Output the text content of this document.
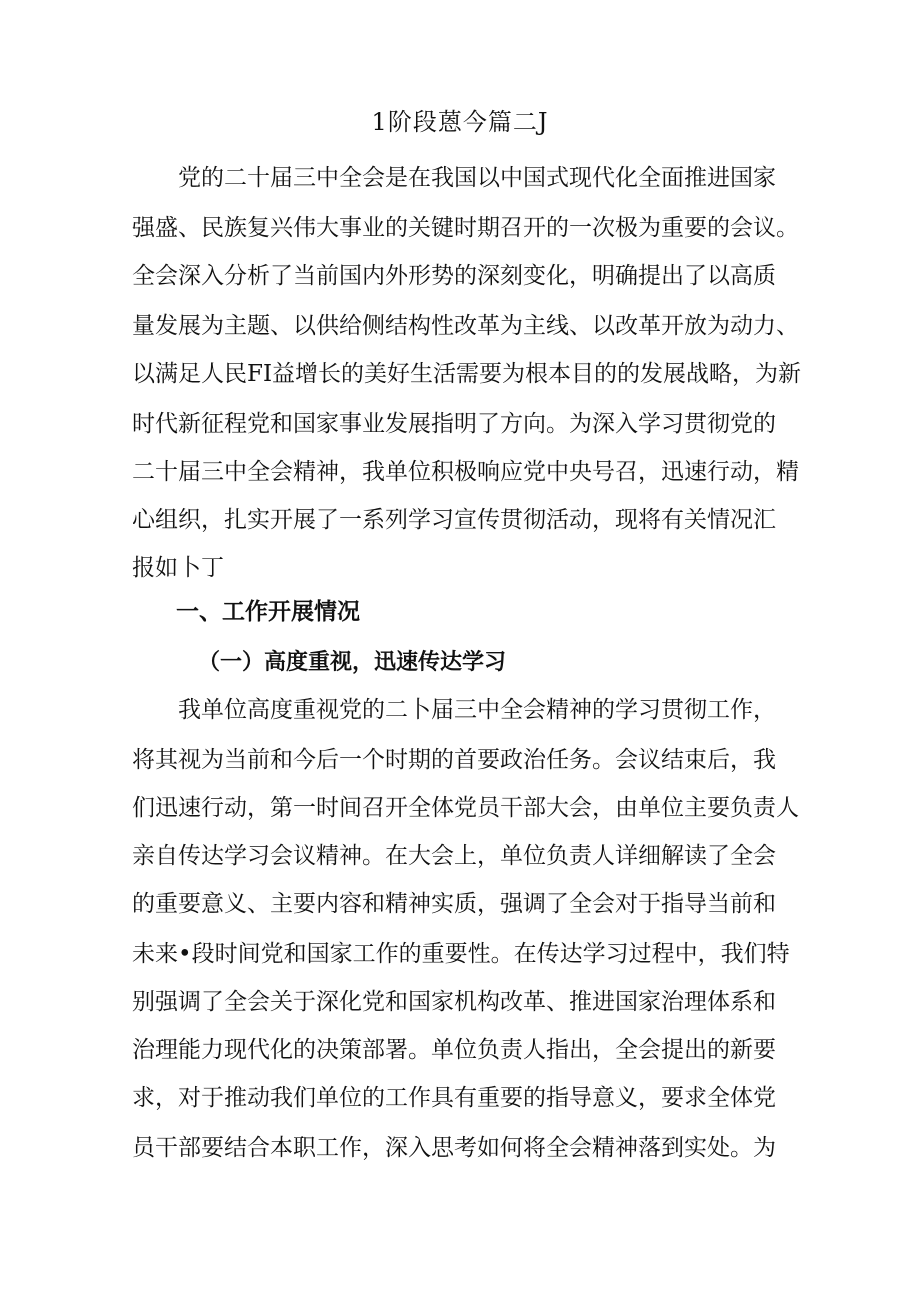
1阶段蒽今篇二J

党的二十届三中全会是在我国以中国式现代化全面推进国家

强盛、民族复兴伟大事业的关键时期召开的一次极为重要的会议。

全会深入分析了当前国内外形势的深刻变化，明确提出了以高质

量发展为主题、以供给侧结构性改革为主线、以改革开放为动力、

以满足人民FI益增长的美好生活需要为根本目的的发展战略，为新

时代新征程党和国家事业发展指明了方向。为深入学习贯彻党的

二十届三中全会精神，我单位积极响应党中央号召，迅速行动，精

心组织，扎实开展了一系列学习宣传贯彻活动，现将有关情况汇

报如卜丁

一、工作开展情况
（一）高度重视，迅速传达学习

我单位高度重视党的二卜届三中全会精神的学习贯彻工作，

将其视为当前和今后一个时期的首要政治任务。会议结束后，我

们迅速行动，第一时间召开全体党员干部大会，由单位主要负责人

亲自传达学习会议精神。在大会上，单位负责人详细解读了全会

的重要意义、主要内容和精神实质，强调了全会对于指导当前和

未来•段时间党和国家工作的重要性。在传达学习过程中，我们特

别强调了全会关于深化党和国家机构改革、推进国家治理体系和

治理能力现代化的决策部署。单位负责人指出，全会提出的新要

求，对于推动我们单位的工作具有重要的指导意义，要求全体党

员干部要结合本职工作，深入思考如何将全会精神落到实处。为
